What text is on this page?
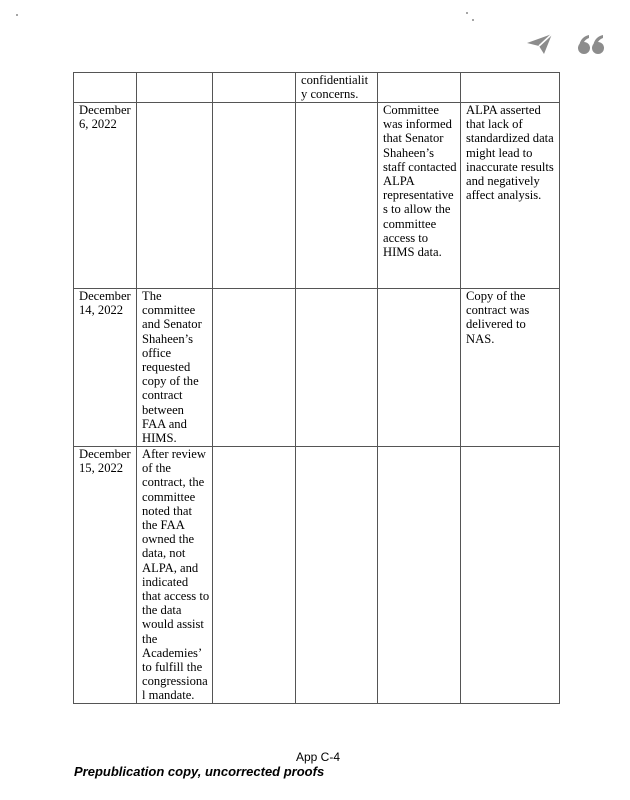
			confidentialit y concerns.		
December 6, 2022				Committee was informed that Senator Shaheen’s staff contacted ALPA representative s to allow the committee access to HIMS data.	ALPA asserted that lack of standardized data might lead to inaccurate results and negatively affect analysis.
December 14, 2022	The committee and Senator Shaheen’s office requested copy of the contract between FAA and HIMS.				Copy of the contract was delivered to NAS.
December 15, 2022	After review of the contract, the committee noted that the FAA owned the data, not ALPA, and indicated that access to the data would assist the Academies’ to fulfill the congressiona l mandate.				
App C-4
Prepublication copy, uncorrected proofs
